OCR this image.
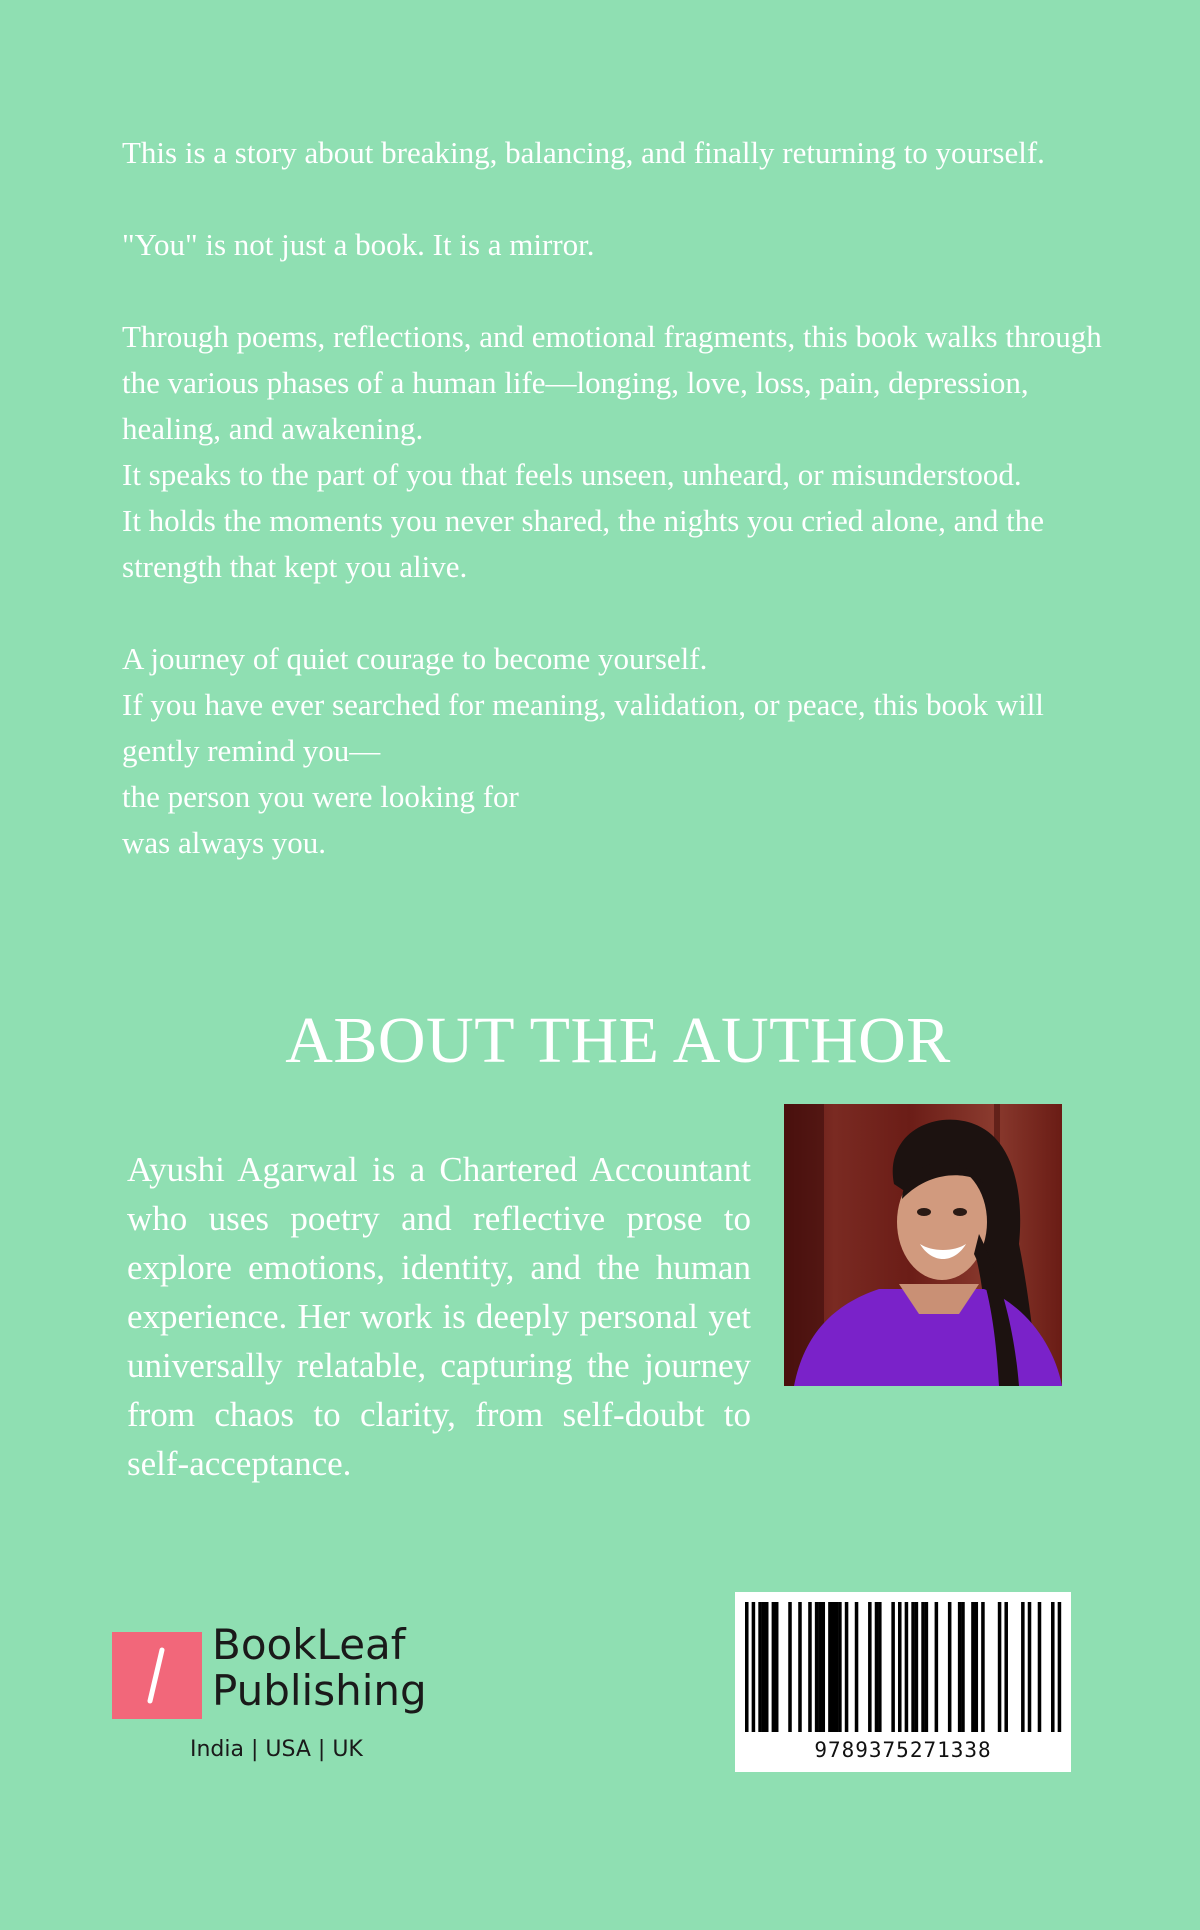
This is a story about breaking, balancing, and finally returning to yourself.

"You" is not just a book. It is a mirror.

Through poems, reflections, and emotional fragments, this book walks through the various phases of a human life—longing, love, loss, pain, depression, healing, and awakening.

It speaks to the part of you that feels unseen, unheard, or misunderstood.

It holds the moments you never shared, the nights you cried alone, and the strength that kept you alive.

A journey of quiet courage to become yourself.

If you have ever searched for meaning, validation, or peace, this book will gently remind you—

the person you were looking for

was always you.

ABOUT THE AUTHOR
Ayushi Agarwal is a Chartered Accountant who uses poetry and reflective prose to explore emotions, identity, and the human experience. Her work is deeply personal yet universally relatable, capturing the journey from chaos to clarity, from self-doubt to self-acceptance.
BookLeaf
Publishing
India | USA | UK	9789375271338
